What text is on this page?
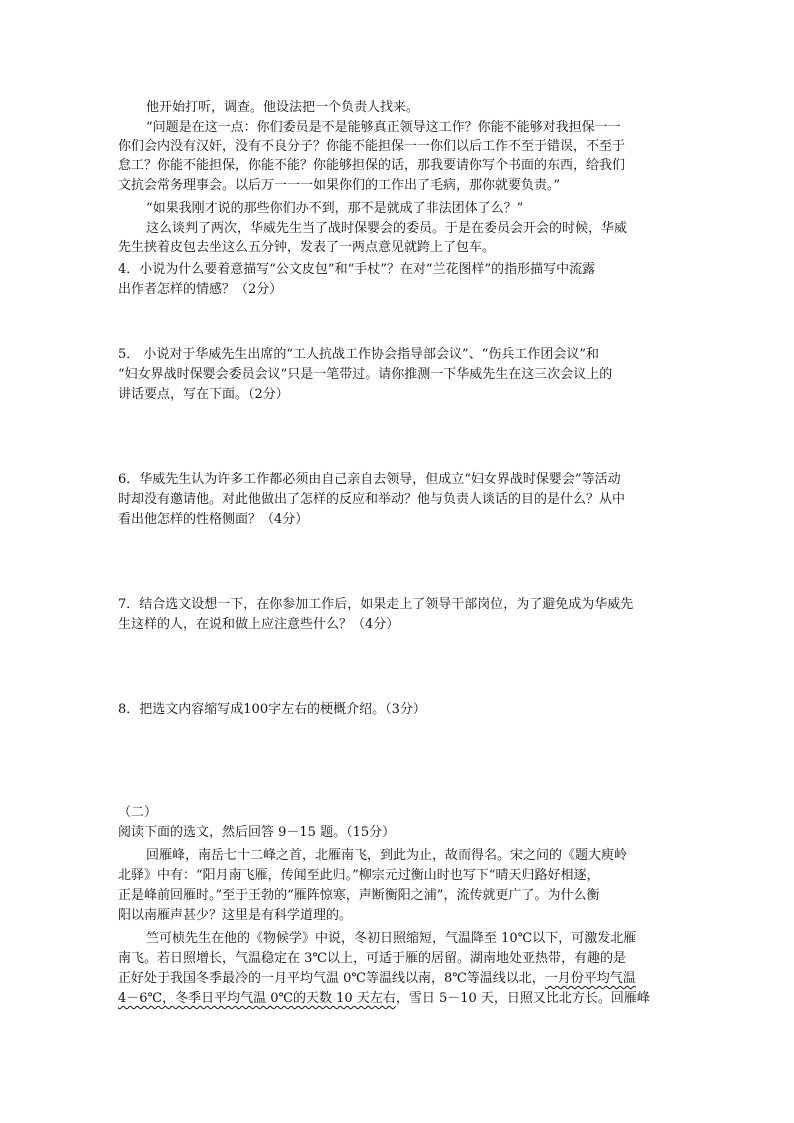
他开始打听，调查。他设法把一个负责人找来。

“问题是在这一点：你们委员是不是能够真正领导这工作？你能不能够对我担保一一

你们会内没有汉奸，没有不良分子？你能不能担保一一你们以后工作不至于错误，不至于

怠工？你能不能担保，你能不能？你能够担保的话，那我要请你写个书面的东西，给我们

文抗会常务理事会。以后万一一一如果你们的工作出了毛病，那你就要负责。”

“如果我刚才说的那些你们办不到，那不是就成了非法团体了么？”

这么谈判了两次，华威先生当了战时保婴会的委员。于是在委员会开会的时候，华威

先生挟着皮包去坐这么五分钟，发表了一两点意见就跨上了包车。

4．小说为什么要着意描写“公文皮包”和“手杖”？在对“兰花图样”的指形描写中流露

出作者怎样的情感？（2分）

5． 小说对于华威先生出席的“工人抗战工作协会指导部会议”、“伤兵工作团会议”和

“妇女界战时保婴会委员会议”只是一笔带过。请你推测一下华威先生在这三次会议上的

讲话要点，写在下面。（2分）

6．华威先生认为许多工作都必须由自己亲自去领导，但成立“妇女界战时保婴会”等活动

时却没有邀请他。对此他做出了怎样的反应和举动？他与负责人谈话的目的是什么？从中

看出他怎样的性格侧面？（4分）

7．结合选文设想一下，在你参加工作后，如果走上了领导干部岗位，为了避免成为华威先

生这样的人，在说和做上应注意些什么？（4分）

8．把选文内容缩写成100字左右的梗概介绍。（3分）

（二）

阅读下面的选文，然后回答 9－15 题。（15分）

回雁峰，南岳七十二峰之首，北雁南飞，到此为止，故而得名。宋之问的《题大庾岭

北驿》中有：“阳月南飞雁，传闻至此归。”柳宗元过衡山时也写下“晴天归路好相逐，

正是峰前回雁时。”至于王勃的“雁阵惊寒，声断衡阳之浦”，流传就更广了。为什么衡

阳以南雁声甚少？这里是有科学道理的。

竺可桢先生在他的《物候学》中说，冬初日照缩短，气温降至 10℃以下，可激发北雁

南飞。若日照增长，气温稳定在 3℃以上，可适于雁的居留。湖南地处亚热带，有趣的是

正好处于我国冬季最冷的一月平均气温 0℃等温线以南，8℃等温线以北，一月份平均气温

4－6℃，冬季日平均气温 0℃的天数 10 天左右，雪日 5－10 天，日照又比北方长。回雁峰
